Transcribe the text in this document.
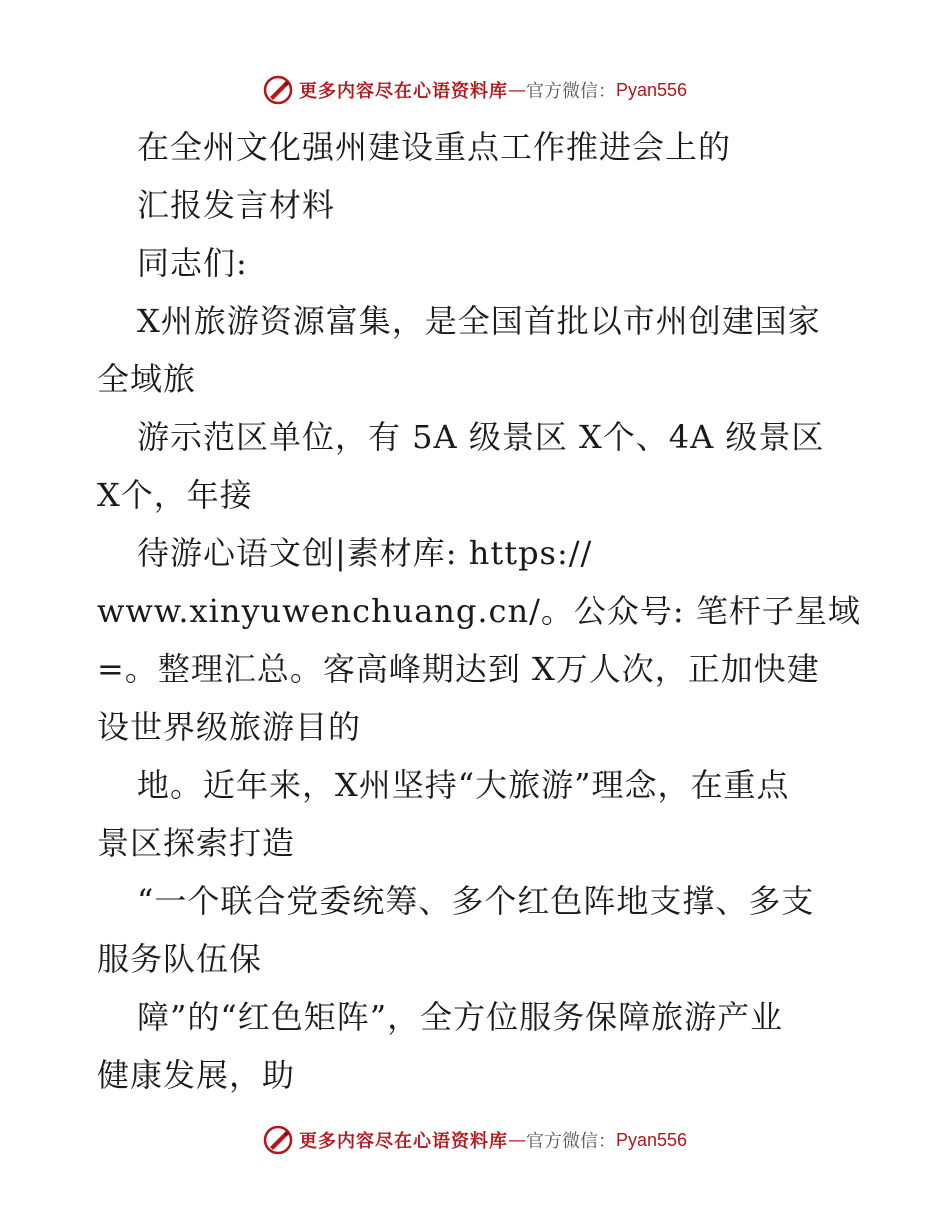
更多内容尽在心语资料库 — 官方微信： Pyan556
在全州文化强州建设重点工作推进会上的
汇报发言材料
同志们:
X州旅游资源富集，是全国首批以市州创建国家
全域旅
游示范区单位，有 5A 级景区 X个、4A 级景区
X个，年接
待游心语文创|素材库: https://
www.xinyuwenchuang.cn/。公众号: 笔杆子星域
=。整理汇总。客高峰期达到 X万人次，正加快建
设世界级旅游目的
地。近年来，X州坚持“大旅游”理念，在重点
景区探索打造
“一个联合党委统筹、多个红色阵地支撑、多支
服务队伍保
障”的“红色矩阵”，全方位服务保障旅游产业
健康发展，助
更多内容尽在心语资料库 — 官方微信： Pyan556
